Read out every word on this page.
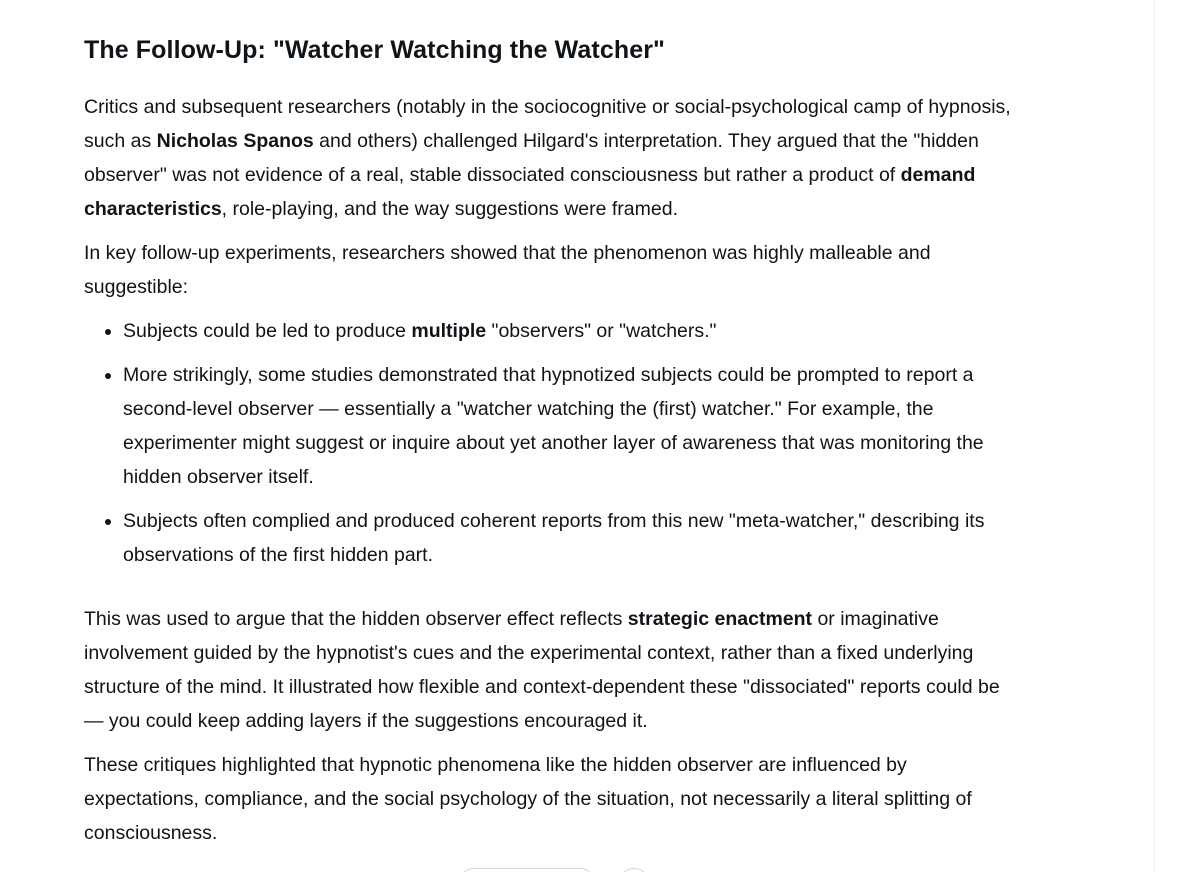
The Follow-Up: "Watcher Watching the Watcher"

Critics and subsequent researchers (notably in the sociocognitive or social-psychological camp of hypnosis, such as Nicholas Spanos and others) challenged Hilgard's interpretation. They argued that the "hidden observer" was not evidence of a real, stable dissociated consciousness but rather a product of demand characteristics, role-playing, and the way suggestions were framed.

In key follow-up experiments, researchers showed that the phenomenon was highly malleable and suggestible:

• Subjects could be led to produce multiple "observers" or "watchers."
• More strikingly, some studies demonstrated that hypnotized subjects could be prompted to report a second-level observer — essentially a "watcher watching the (first) watcher." For example, the experimenter might suggest or inquire about yet another layer of awareness that was monitoring the hidden observer itself.
• Subjects often complied and produced coherent reports from this new "meta-watcher," describing its observations of the first hidden part.

This was used to argue that the hidden observer effect reflects strategic enactment or imaginative involvement guided by the hypnotist's cues and the experimental context, rather than a fixed underlying structure of the mind. It illustrated how flexible and context-dependent these "dissociated" reports could be — you could keep adding layers if the suggestions encouraged it.

These critiques highlighted that hypnotic phenomena like the hidden observer are influenced by expectations, compliance, and the social psychology of the situation, not necessarily a literal splitting of consciousness.
